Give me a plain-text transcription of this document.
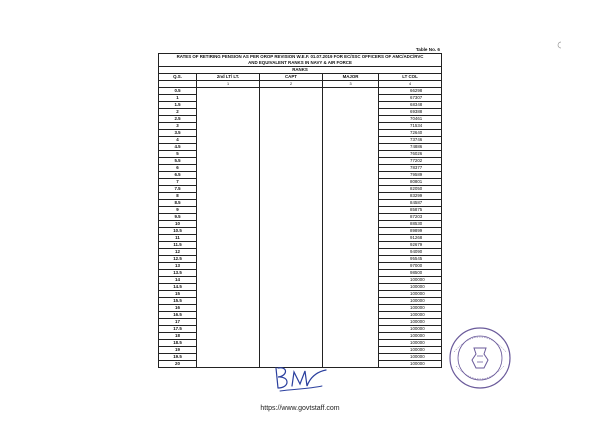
Table No. 6
RATES OF RETIRING PENSION AS PER OROP REVISION W.E.F. 01.07.2019 FOR EC/SSC OFFICERS OF AMC/ADC/RVC
AND EQUIVALENT RANKS IN NAVY & AIR FORCE				
RANKS				
Q.S.	2nd LT/ LT.	CAPT	MAJOR	LT COL
	1	2	3	4
0.5				66298
1				67307
1.5				68348
2				69388
2.5				70461
3				71534
3.5				72640
4				73746
4.5				74886
5				76026
5.5				77202
6				78377
6.5				79589
7				80801
7.5				82050
8				83299
8.5				84587
9				85875
9.5				87203
10				88530
10.5				89899
11				91268
11.5				92679
12				94090
12.5				95545
13				97000
13.5				98500
14				100000
14.5				100000
15				100000
15.5				100000
16				100000
16.5				100000
17				100000
17.5				100000
18				100000
18.5				100000
19				100000
19.5				100000
20				100000
https://www.govtstaff.com
